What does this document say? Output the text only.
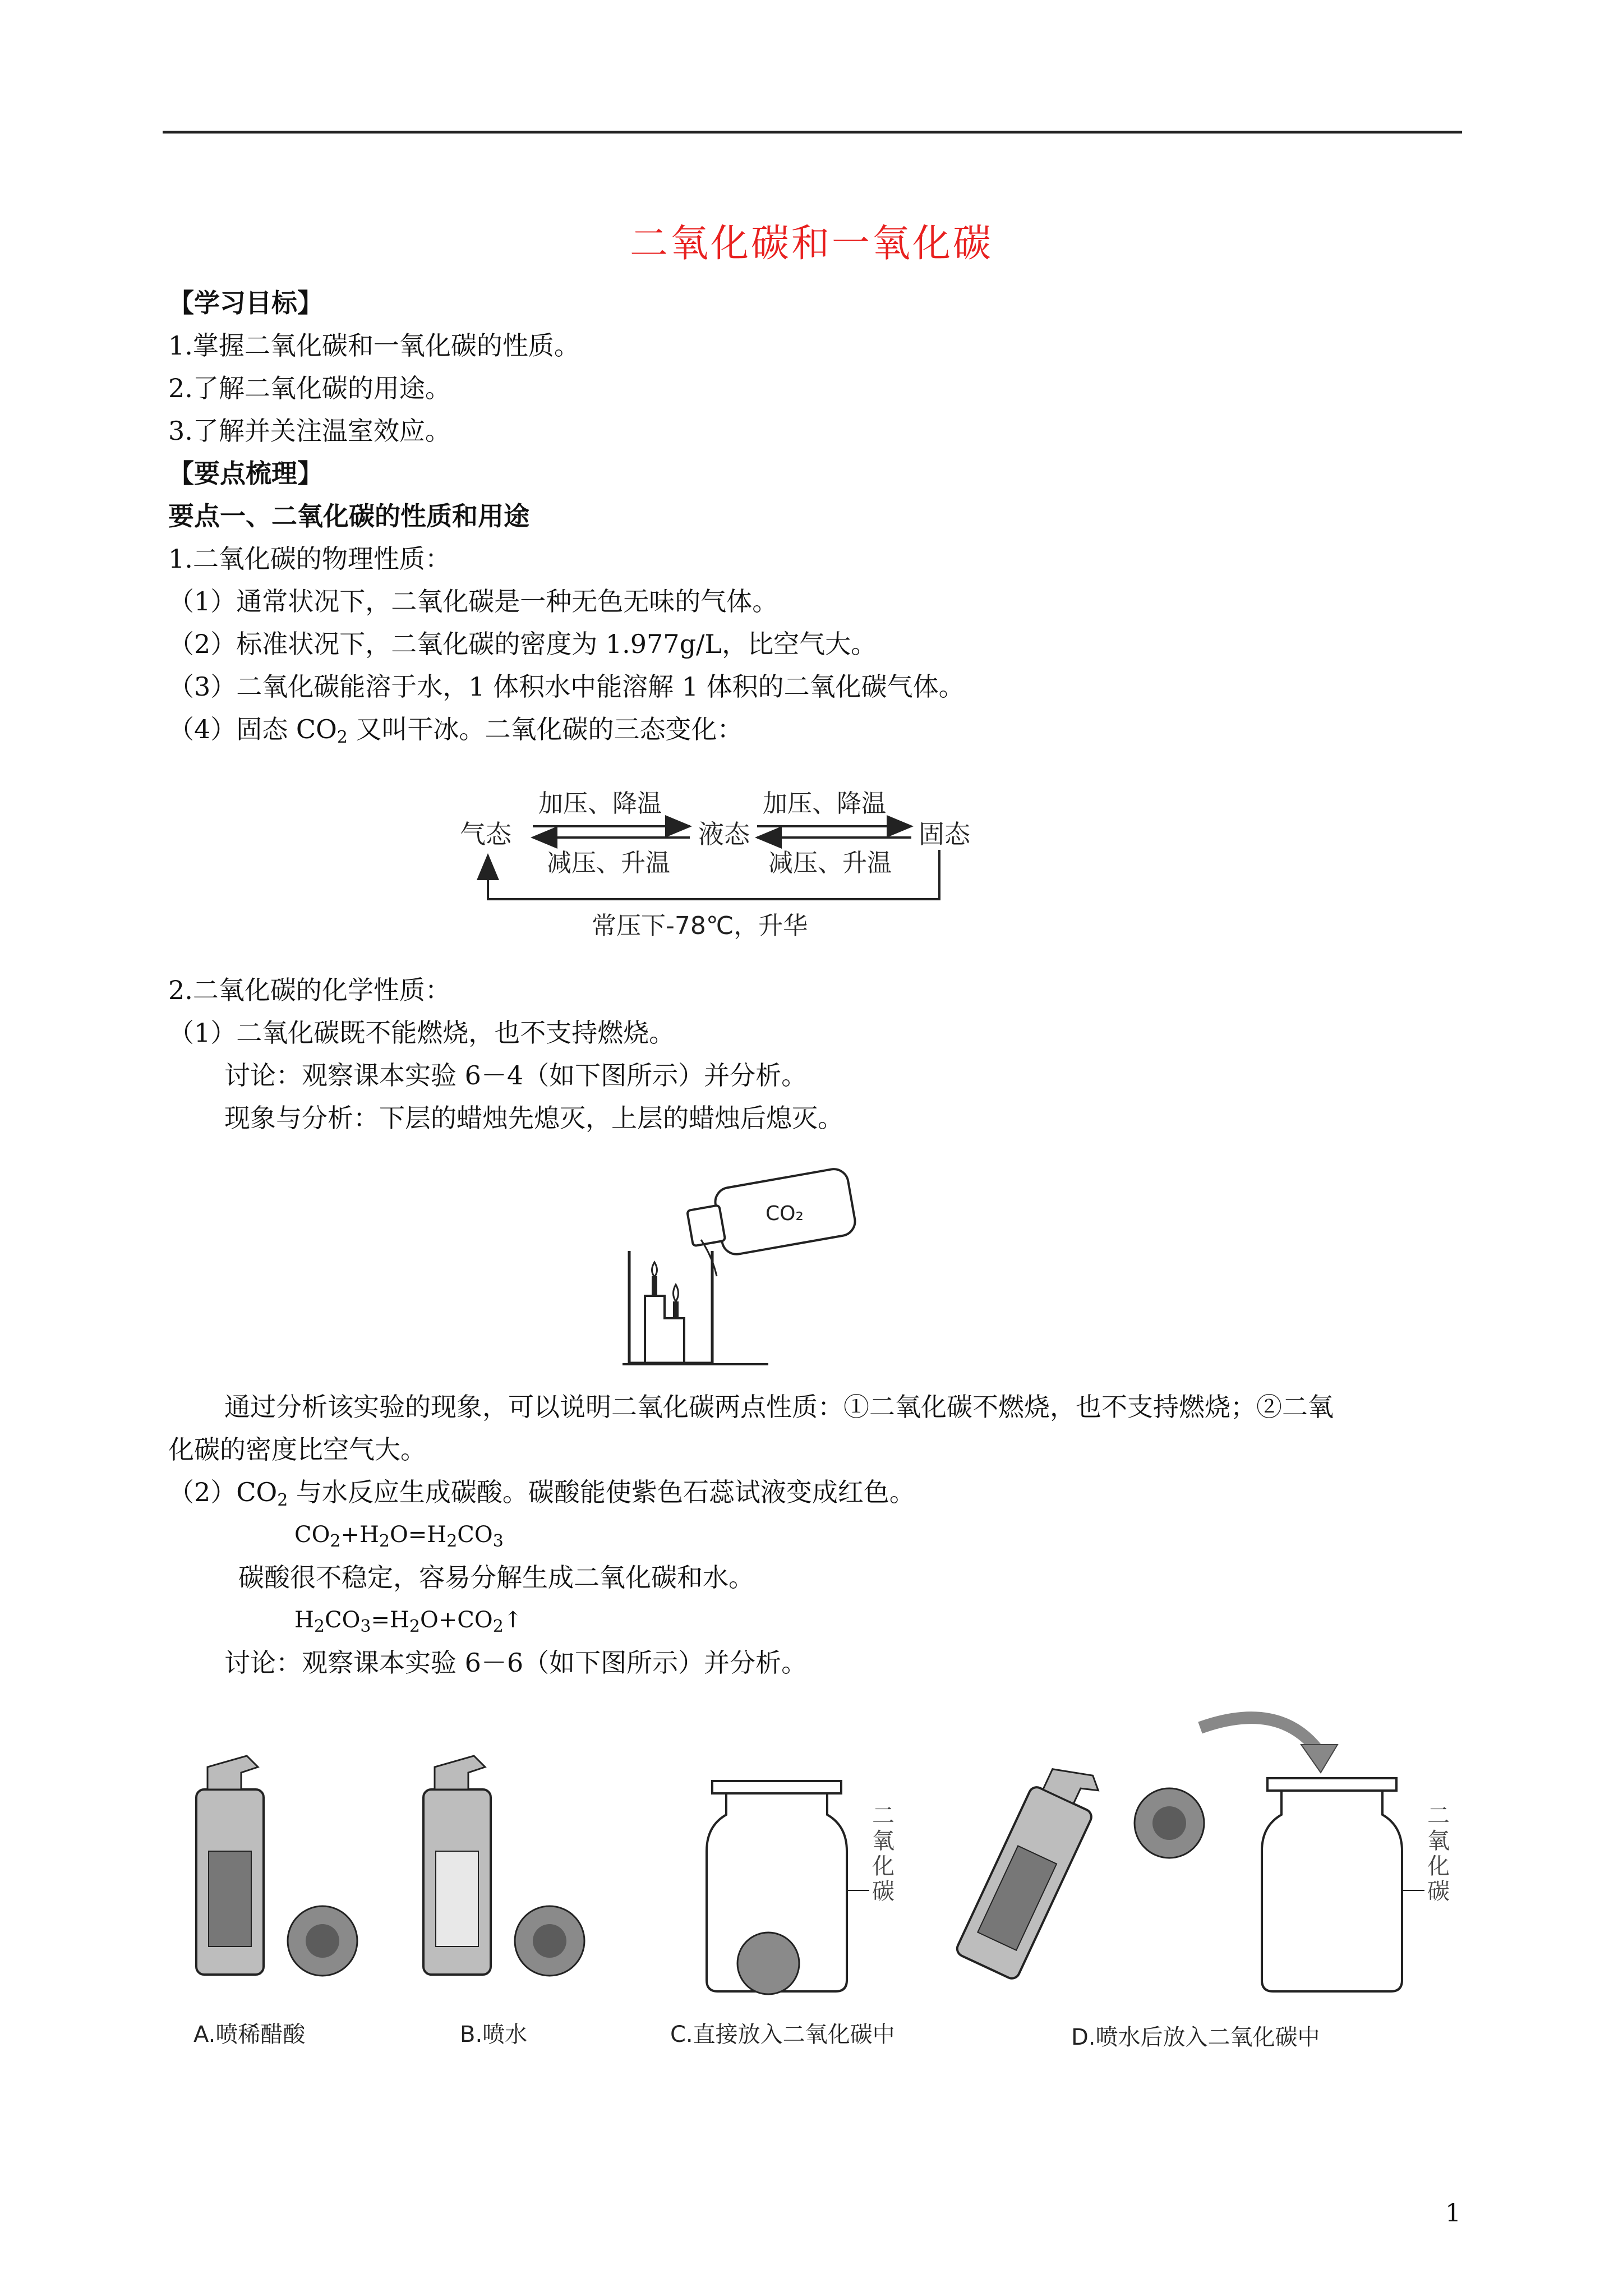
二氧化碳和一氧化碳
【学习目标】
1.掌握二氧化碳和一氧化碳的性质。
2.了解二氧化碳的用途。
3.了解并关注温室效应。
【要点梳理】
要点一、二氧化碳的性质和用途
1.二氧化碳的物理性质：
（1）通常状况下，二氧化碳是一种无色无味的气体。
（2）标准状况下，二氧化碳的密度为 1.977g/L，比空气大。
（3）二氧化碳能溶于水，1 体积水中能溶解 1 体积的二氧化碳气体。
（4）固态 $CO_2$ 又叫干冰。二氧化碳的三态变化：
气态	液态	固态
加压、降温	加压、降温
减压、升温	减压、升温
常压下-78℃，升华
2.二氧化碳的化学性质：
（1）二氧化碳既不能燃烧，也不支持燃烧。
讨论：观察课本实验 6－4（如下图所示）并分析。
现象与分析：下层的蜡烛先熄灭，上层的蜡烛后熄灭。
CO₂
通过分析该实验的现象，可以说明二氧化碳两点性质：①二氧化碳不燃烧，也不支持燃烧；②二氧
化碳的密度比空气大。
$(2)CO_2$ 与水反应生成碳酸。碳酸能使紫色石蕊试液变成红色。
$CO_2+H_2O=H_2CO_3$
碳酸很不稳定，容易分解生成二氧化碳和水。
$H_2CO_3=H_2O+CO_2↑$
讨论：观察课本实验 6－6（如下图所示）并分析。
二
氧
化
碳
二
氧
化
碳
A.喷稀醋酸	B.喷水	C.直接放入二氧化碳中	D.喷水后放入二氧化碳中
1
